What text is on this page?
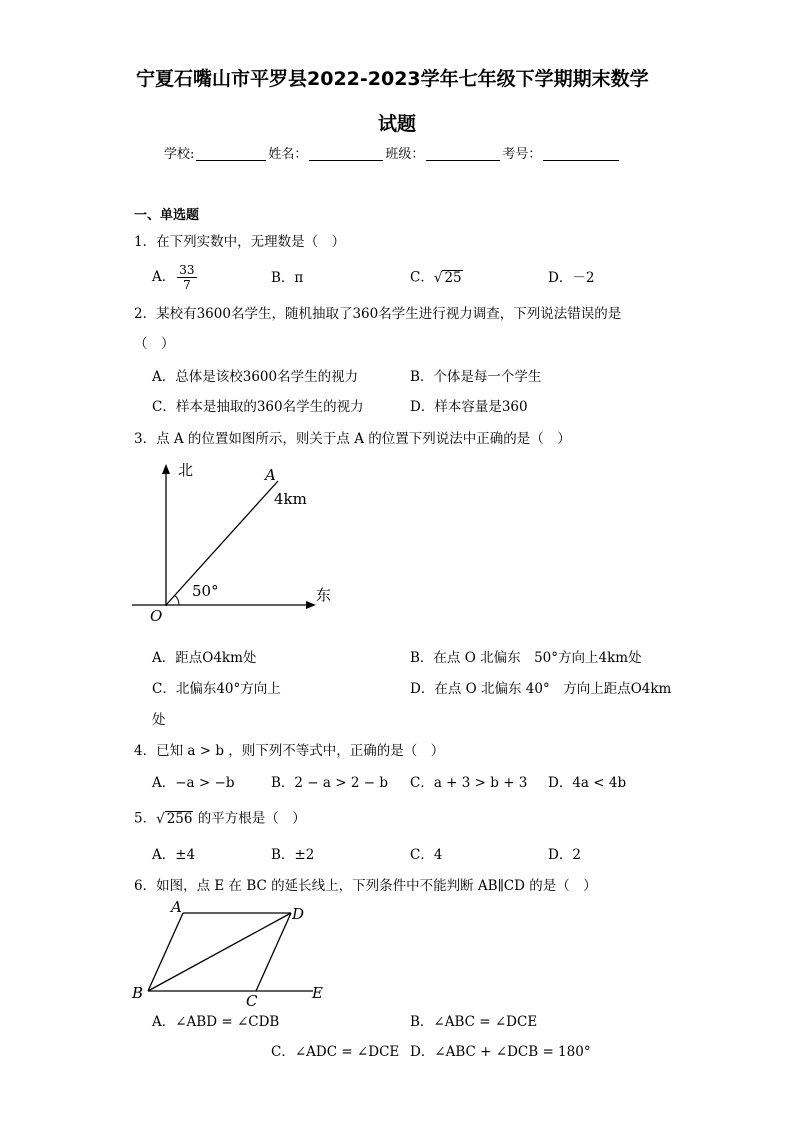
宁夏石嘴山市平罗县2022-2023学年七年级下学期期末数学
试题
学校:	姓名：	班级：	考号：
一、单选题
1．在下列实数中，无理数是（　）
A． $\frac{33}{7}$	B．π	C．√ 25	D．－2
2．某校有3600名学生，随机抽取了360名学生进行视力调查，下列说法错误的是
（　）
A．总体是该校3600名学生的视力	B．个体是每一个学生
C．样本是抽取的360名学生的视力	D．样本容量是360
3．点 A 的位置如图所示，则关于点 A 的位置下列说法中正确的是（　）
北
东
O
A
4km
50°
A．距点O4km处	B．在点 O 北偏东　50°方向上4km处
C．北偏东40°方向上	D．在点 O 北偏东 40°　方向上距点O4km
处
4．已知 a > b ，则下列不等式中，正确的是（　）
A．−a > −b	B．2 − a > 2 − b C．a + 3 > b + 3 D．4a < 4b
5．√ 256 的平方根是（　）
A．±4	B．±2	C．4	D．2
6．如图，点 E 在 BC 的延长线上，下列条件中不能判断 AB∥CD 的是（　）
A
B	C
D
E
A．∠ABD = ∠CDB	B．∠ABC = ∠DCE
C．∠ADC = ∠DCE D．∠ABC + ∠DCB = 180°
